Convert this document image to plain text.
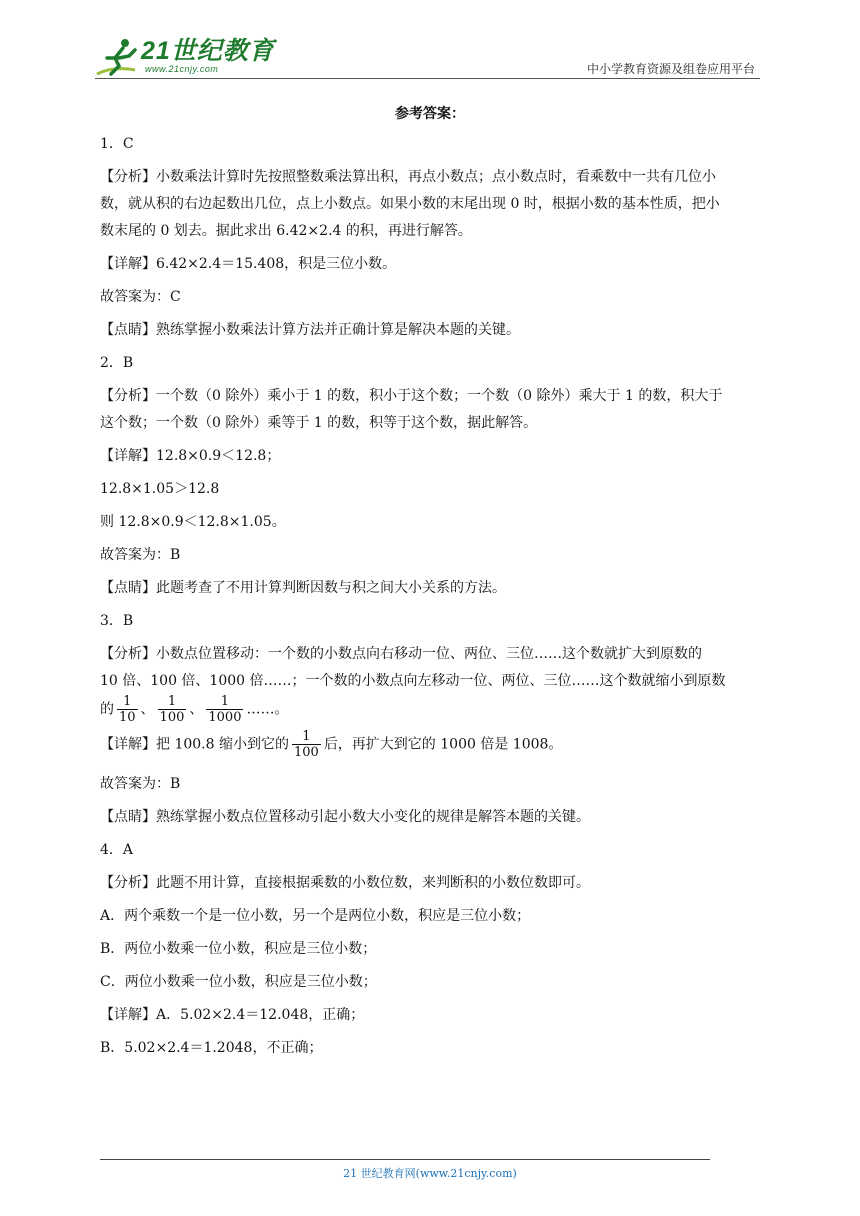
21世纪教育
www.21cnjy.com	中小学教育资源及组卷应用平台
参考答案：
1．C
【分析】小数乘法计算时先按照整数乘法算出积，再点小数点；点小数点时，看乘数中一共有几位小
数，就从积的右边起数出几位，点上小数点。如果小数的末尾出现 0 时，根据小数的基本性质，把小
数末尾的 0 划去。据此求出 6.42×2.4 的积，再进行解答。
【详解】6.42×2.4＝15.408，积是三位小数。
故答案为：C
【点睛】熟练掌握小数乘法计算方法并正确计算是解决本题的关键。
2．B
【分析】一个数（0 除外）乘小于 1 的数，积小于这个数；一个数（0 除外）乘大于 1 的数，积大于
这个数；一个数（0 除外）乘等于 1 的数，积等于这个数，据此解答。
【详解】12.8×0.9＜12.8；
12.8×1.05＞12.8
则 12.8×0.9＜12.8×1.05。
故答案为：B
【点睛】此题考查了不用计算判断因数与积之间大小关系的方法。
3．B
【分析】小数点位置移动：一个数的小数点向右移动一位、两位、三位……这个数就扩大到原数的
10 倍、100 倍、1000 倍……；一个数的小数点向左移动一位、两位、三位……这个数就缩小到原数
的 $\frac{1}{10}$ 、 $\frac{1}{100}$ 、 $\frac{1}{1000}$ ……。
【详解】把 100.8 缩小到它的 $\frac{1}{100}$ 后，再扩大到它的 1000 倍是 1008。
故答案为：B
【点睛】熟练掌握小数点位置移动引起小数大小变化的规律是解答本题的关键。
4．A
【分析】此题不用计算，直接根据乘数的小数位数，来判断积的小数位数即可。
A．两个乘数一个是一位小数，另一个是两位小数，积应是三位小数；
B．两位小数乘一位小数，积应是三位小数；
C．两位小数乘一位小数，积应是三位小数；
【详解】A．5.02×2.4＝12.048，正确；
B．5.02×2.4＝1.2048，不正确；
21 世纪教育网(www.21cnjy.com)
